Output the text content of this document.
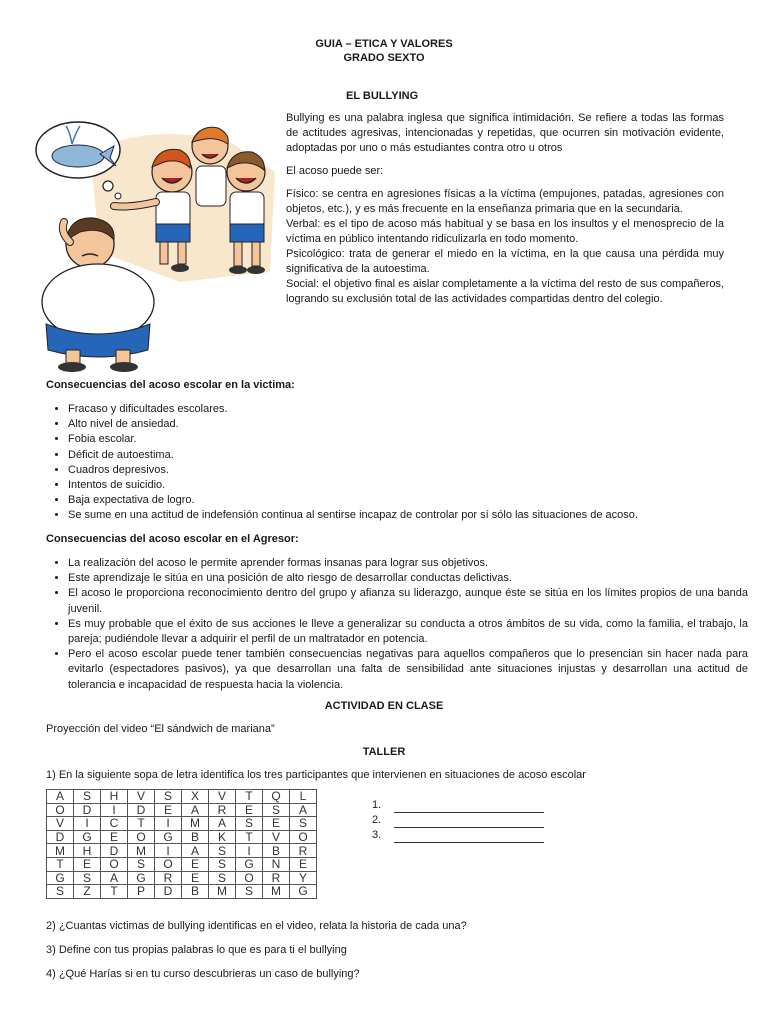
GUIA – ETICA Y VALORES
GRADO SEXTO
EL BULLYING

Bullying es una palabra inglesa que significa intimidación. Se refiere a todas las formas de actitudes agresivas, intencionadas y repetidas, que ocurren sin motivación evidente, adoptadas por uno o más estudiantes contra otro u otros

El acoso puede ser:

Físico: se centra en agresiones físicas a la víctima (empujones, patadas, agresiones con objetos, etc.), y es más frecuente en la enseñanza primaria que en la secundaria.

Verbal: es el tipo de acoso más habitual y se basa en los insultos y el menosprecio de la víctima en público intentando ridiculizarla en todo momento.

Psicológico: trata de generar el miedo en la víctima, en la que causa una pérdida muy significativa de la autoestima.

Social: el objetivo final es aislar completamente a la víctima del resto de sus compañeros, logrando su exclusión total de las actividades compartidas dentro del colegio.

Consecuencias del acoso escolar en la victima:
• Fracaso y dificultades escolares.
• Alto nivel de ansiedad.
• Fobia escolar.
• Déficit de autoestima.
• Cuadros depresivos.
• Intentos de suicidio.
• Baja expectativa de logro.
• Se sume en una actitud de indefensión continua al sentirse incapaz de controlar por sí sólo las situaciones de acoso.
Consecuencias del acoso escolar en el Agresor:
• La realización del acoso le permite aprender formas insanas para lograr sus objetivos.
• Este aprendizaje le sitúa en una posición de alto riesgo de desarrollar conductas delictivas.
• El acoso le proporciona reconocimiento dentro del grupo y afianza su liderazgo, aunque éste se sitúa en los límites propios de una banda juvenil.
• Es muy probable que el éxito de sus acciones le lleve a generalizar su conducta a otros ámbitos de su vida, como la familia, el trabajo, la pareja; pudiéndole llevar a adquirir el perfil de un maltratador en potencia.
• Pero el acoso escolar puede tener también consecuencias negativas para aquellos compañeros que lo presencian sin hacer nada para evitarlo (espectadores pasivos), ya que desarrollan una falta de sensibilidad ante situaciones injustas y desarrollan una actitud de tolerancia e incapacidad de respuesta hacia la violencia.
ACTIVIDAD EN CLASE
Proyección del video “El sándwich de mariana”
TALLER
1) En la siguiente sopa de letra identifica los tres participantes que intervienen en situaciones de acoso escolar
A	S	H	V	S	X	V	T	Q	L
O	D	I	D	E	A	R	E	S	A
V	I	C	T	I	M	A	S	E	S
D	G	E	O	G	B	K	T	V	O
M	H	D	M	I	A	S	I	B	R
T	E	O	S	O	E	S	G	N	E
G	S	A	G	R	E	S	O	R	Y
S	Z	T	P	D	B	M	S	M	G
1.
2.
3.
2) ¿Cuantas victimas de bullying identificas en el video, relata la historia de cada una?
3) Define con tus propias palabras lo que es para ti el bullying
4) ¿Qué Harías si en tu curso descubrieras un caso de bullying?
